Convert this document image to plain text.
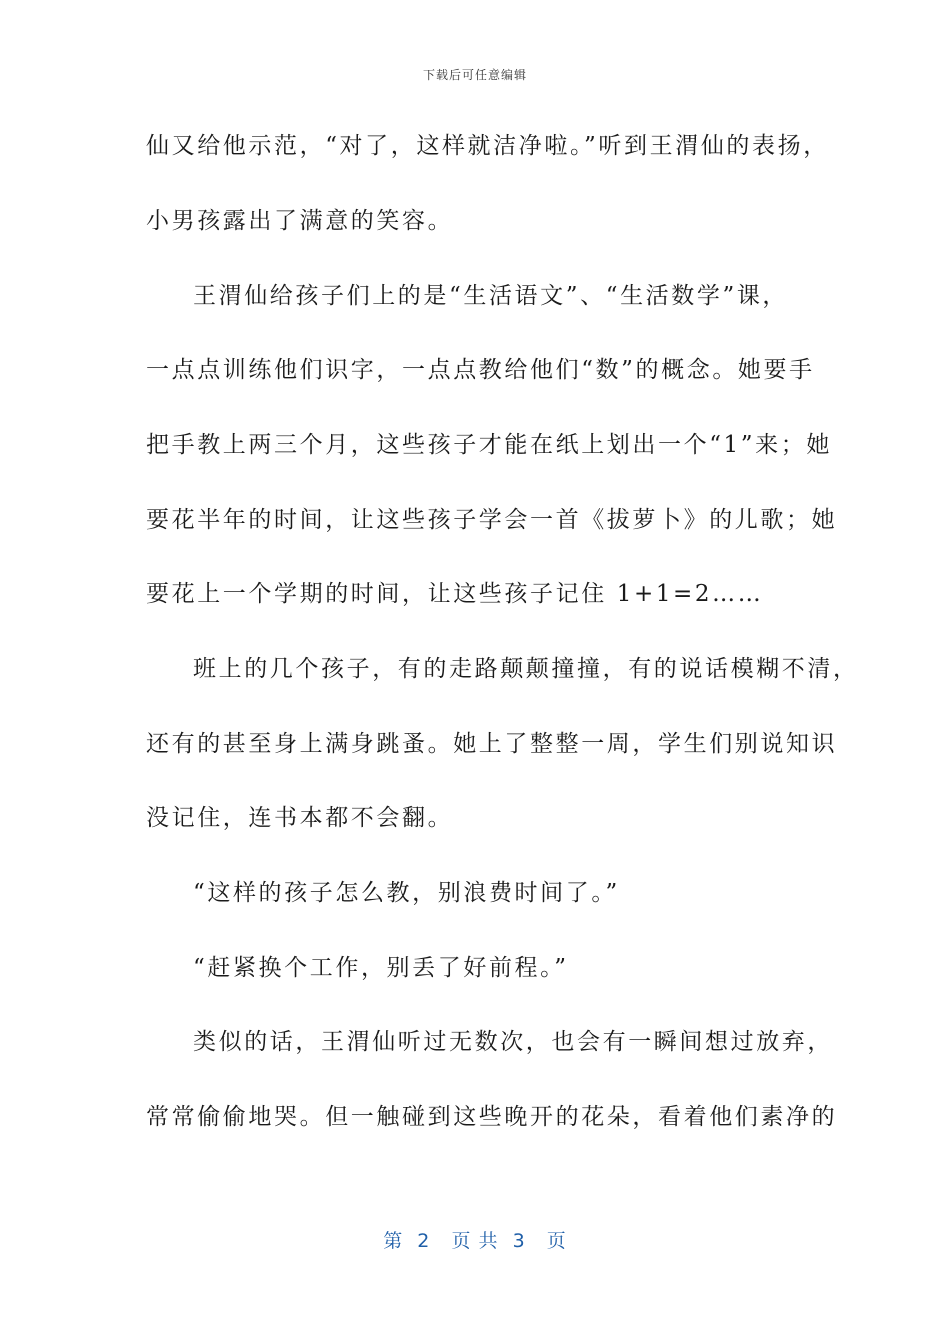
下载后可任意编辑
仙又给他示范，“对了，这样就洁净啦。”听到王渭仙的表扬，
小男孩露出了满意的笑容。
王渭仙给孩子们上的是“生活语文”、“生活数学”课，
一点点训练他们识字，一点点教给他们“数”的概念。她要手
把手教上两三个月，这些孩子才能在纸上划出一个“1”来；她
要花半年的时间，让这些孩子学会一首《拔萝卜》的儿歌；她
要花上一个学期的时间，让这些孩子记住 1+1=2……
班上的几个孩子，有的走路颠颠撞撞，有的说话模糊不清，
还有的甚至身上满身跳蚤。她上了整整一周，学生们别说知识
没记住，连书本都不会翻。
“这样的孩子怎么教，别浪费时间了。”
“赶紧换个工作，别丢了好前程。”
类似的话，王渭仙听过无数次，也会有一瞬间想过放弃，
常常偷偷地哭。但一触碰到这些晚开的花朵，看着他们素净的
第  2   页 共  3   页
